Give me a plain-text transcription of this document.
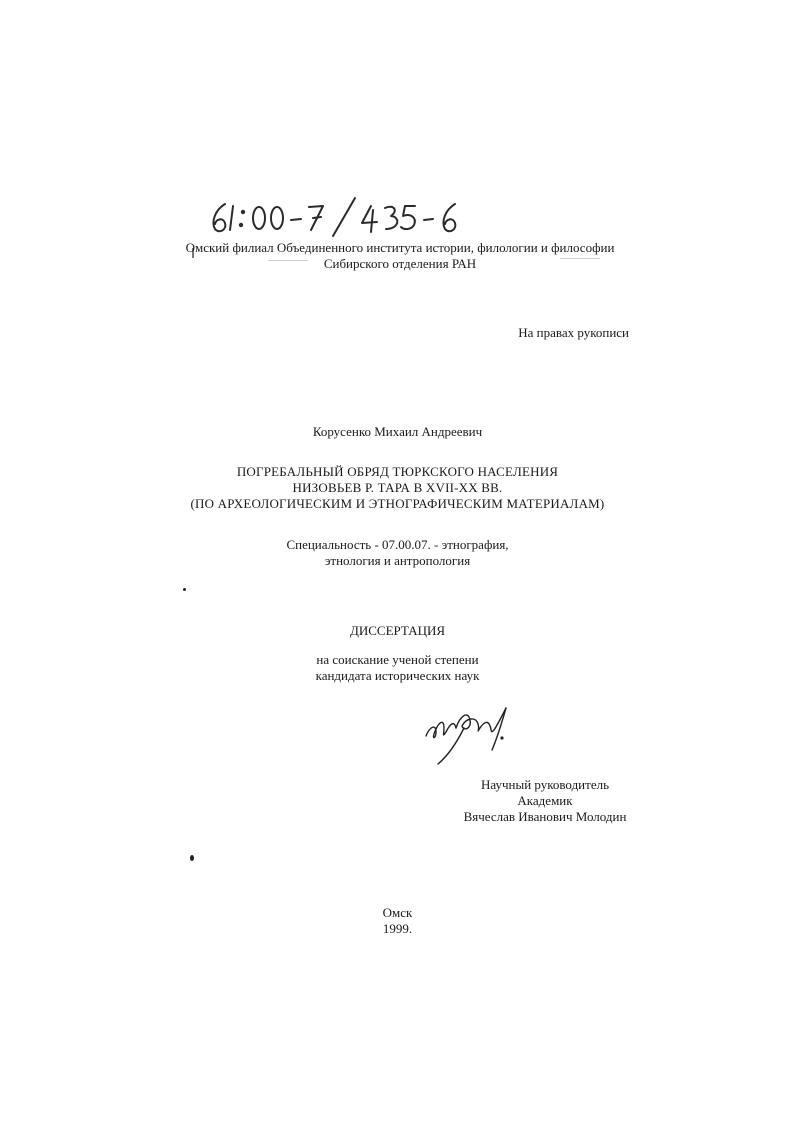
Омский филиал Объединенного института истории, филологии и философии
Сибирского отделения РАН
На правах рукописи
Корусенко Михаил Андреевич
ПОГРЕБАЛЬНЫЙ ОБРЯД ТЮРКСКОГО НАСЕЛЕНИЯ
НИЗОВЬЕВ Р. ТАРА В XVII-XX ВВ.
(ПО АРХЕОЛОГИЧЕСКИМ И ЭТНОГРАФИЧЕСКИМ МАТЕРИАЛАМ)
Специальность - 07.00.07. - этнография,
этнология и антропология
ДИССЕРТАЦИЯ
на соискание ученой степени
кандидата исторических наук
Научный руководитель
Академик
Вячеслав Иванович Молодин
Омск
1999.
